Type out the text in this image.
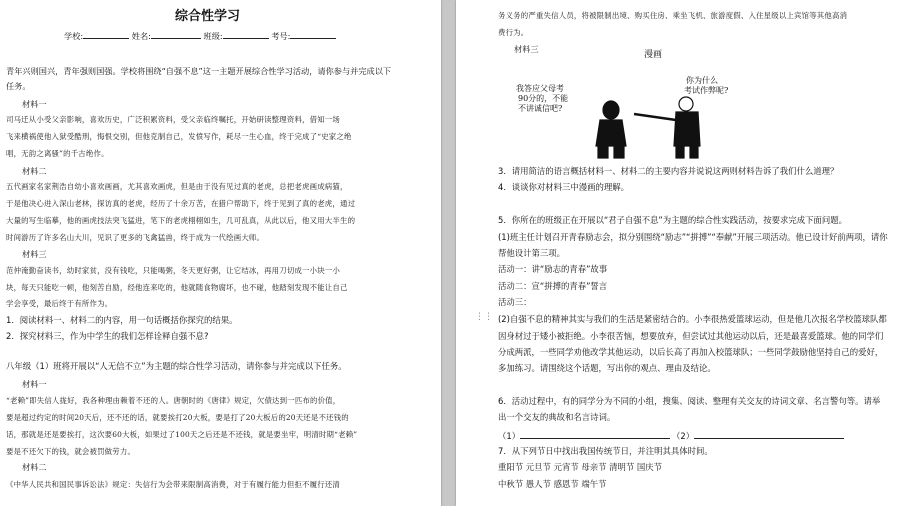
综合性学习
学校:	姓名:	班级:	考号:
青年兴则国兴，青年强则国强。学校将围绕“自强不息”这一主题开展综合性学习活动，请你参与并完成以下
任务。
材料一
司马迁从小受父亲影响，喜欢历史，广泛积累资料，受父亲临终嘱托，开始研读整理资料，借知一场
飞来横祸使他入狱受酷刑，悔恨交别，但他克制自己，发愤写作，耗尽一生心血，终于完成了“史家之绝
唱，无韵之离骚”的千古绝作。
材料二
五代画家名家荆浩自幼小喜欢画画，尤其喜欢画虎，但是由于没有见过真的老虎，总把老虎画成病猫，
于是他决心进入深山老林，探访真的老虎，经历了十余万苦，在猎户帮助下，终于见到了真的老虎，通过
大量的写生临摹，他的画虎技法突飞猛进，笔下的老虎栩栩如生，几可乱真，从此以后，他又用大半生的
时间游历了许多名山大川，见识了更多的飞禽猛兽，终于成为一代绘画大师。
材料三
范仲淹勤奋读书，幼时家贫，没有钱吃，只能喝粥，冬天更好粥，让它结冰，再用刀切成一小块一小
块，每天只能吃一顿，他刻苦自励，经他连来吃的，他就随食物腐坏，也不碰，他踏刻发现不能让自己
学会享受，最后终于有所作为。
1．阅读材料一、材料二的内容，用一句话概括你探究的结果。
2．探究材料三，作为中学生的我们怎样诠释自强不息?
八年级（1）班将开展以“人无信不立”为主题的综合性学习活动，请你参与并完成以下任务。
材料一
“老赖”即失信人拢好，我各种理由赖着不还的人。唐朝时的《唐律》规定，欠债达到一匹布的价值，
要是超过约定的时间20天后，还不还的话，就要挨打20大板，要是打了20大板后的20天还是不还钱的
话，那就是还是要挨打，这次要60大板，如果过了100天之后还是不还钱，就是要坐牢，明清时期“老赖”
要是不还欠下的钱，就会被罚做劳力。
材料二
《中华人民共和国民事诉讼法》规定：失信行为会带来限制高消费，对于有履行能力但拒不履行还清
务义务的严重失信人员，将被限制出境、购买住房、乘坐飞机、旅游度假、入住星级以上宾馆等其他高消
费行为。
材料三
漫画
我答应父母考
90分的，不能
不讲诚信吧?
你为什么
考试作弊呢?
3．请用简洁的语言概括材料一、材料二的主要内容并说说这两则材料告诉了我们什么道理？
4．谈谈你对材料三中漫画的理解。
5．你所在的班级正在开展以“君子自强不息”为主题的综合性实践活动，按要求完成下面问题。
(1)班主任计划召开青春励志会，拟分别围绕“励志”“拼搏”“奉献”开展三项活动。他已设计好前两项，请你
帮他设计第三项。
活动一：讲“励志的青春”故事
活动二：宣“拼搏的青春”誓言
活动三：
(2)自强不息的精神其实与我们的生活是紧密结合的。小李很热爱篮球运动，但是他几次报名学校篮球队都
因身材过于矮小被拒绝。小李很苦恼，想要放弃，但尝试过其他运动以后，还是最喜爱篮球。他的同学们
分成两派，一些同学劝他改学其他运动，以后长高了再加入校篮球队；一些同学鼓励他坚持自己的爱好，
多加练习。请围绕这个话题，写出你的观点、理由及结论。
6．活动过程中，有的同学分为不同的小组，搜集、阅读、整理有关交友的诗词文章、名言警句等。请举
出一个交友的典故和名言诗词。
（1）	（2）
7．从下列节日中找出我国传统节日，并注明其具体时间。
重阳节 元旦节 元宵节 母亲节 清明节 国庆节
中秋节 愚人节 感恩节 端午节
⋮⋮
